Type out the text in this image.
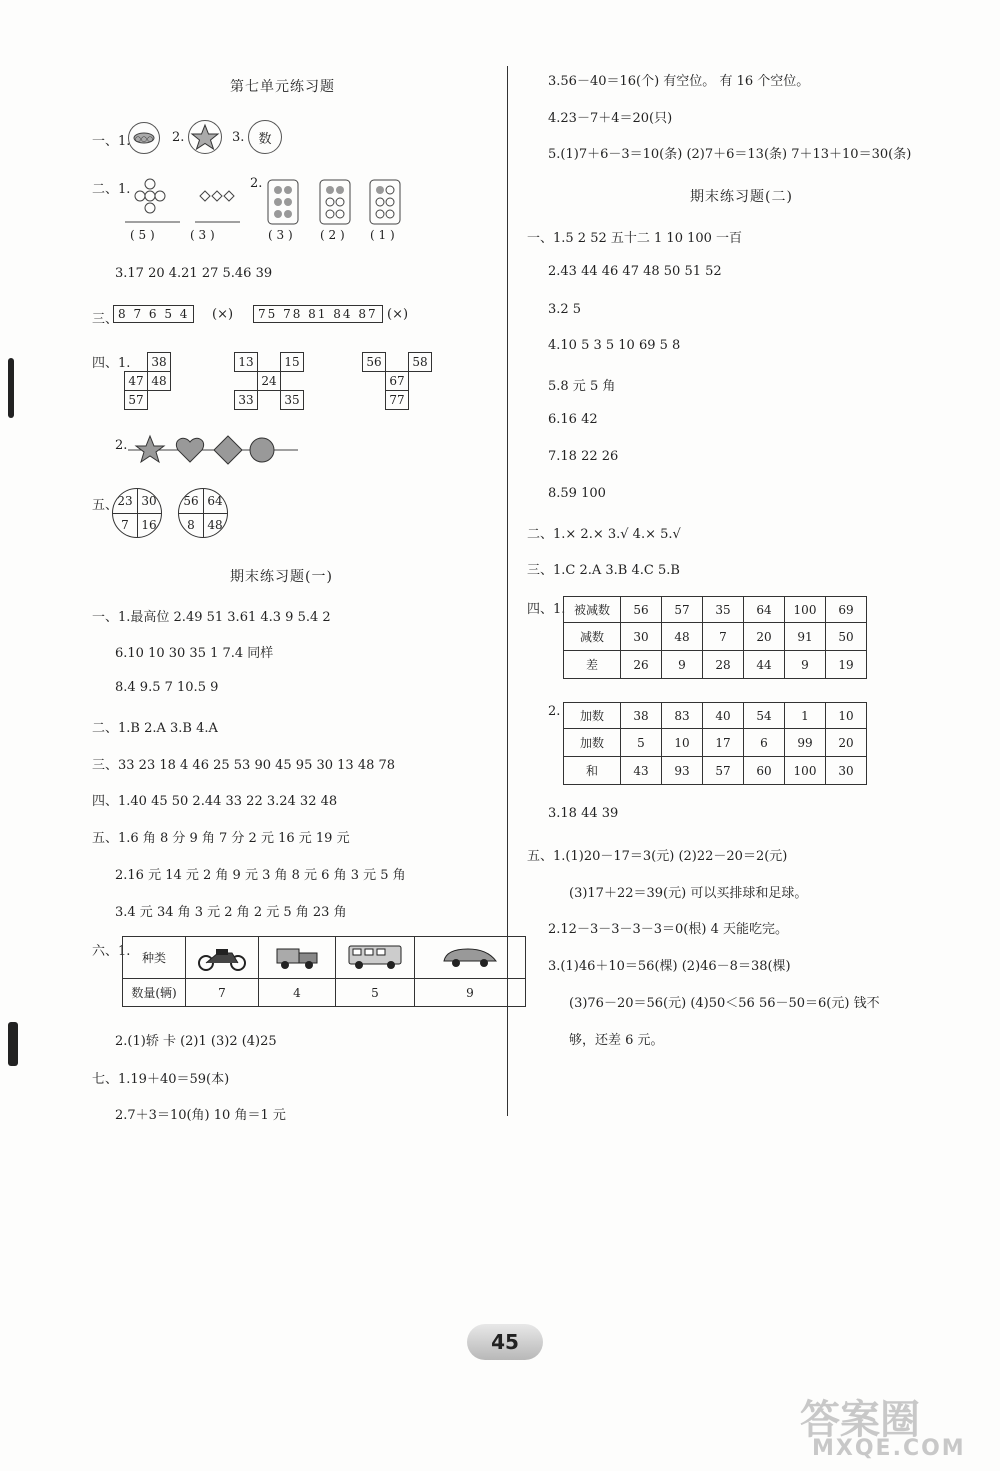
第七单元练习题
一、1. ○○○ 2.	3.	数
二、1.
( 5 )	( 3 )
2.
( 3 ) ( 2 ) ( 1 )
3.17 20 4.21 27 5.46 39
三、 8 7 6 5 4	(×)	75 78 81 84 87 (×)
四、1.
	38
47	48
57	
13		15
	24	
33		35
56		58
	67	
	77	
2.
五、 23 30
7	16
56 64
8	48
期末练习题(一)
一、1.最高位 2.49 51 3.61 4.3 9 5.4 2
6.10 10 30 35 1 7.4 同样
8.4 9.5 7 10.5 9
二、1.B 2.A 3.B 4.A
三、33 23 18 4 46 25 53 90 45 95 30 13 48 78
四、1.40 45 50 2.44 33 22 3.24 32 48
五、1.6 角 8 分 9 角 7 分 2 元 16 元 19 元
2.16 元 14 元 2 角 9 元 3 角 8 元 6 角 3 元 5 角
3.4 元 34 角 3 元 2 角 2 元 5 角 23 角
六、1. 种类				
数量(辆)	7	4	5	9
2.(1)轿 卡 (2)1 (3)2 (4)25
七、1.19＋40＝59(本)
2.7＋3＝10(角) 10 角＝1 元
3.56－40＝16(个) 有空位。 有 16 个空位。
4.23－7＋4＝20(只)
5.(1)7＋6－3＝10(条) (2)7＋6＝13(条) 7＋13＋10＝30(条)
期末练习题(二)
一、1.5 2 52 五十二 1 10 100 一百
2.43 44 46 47 48 50 51 52
3.2 5
4.10 5 3 5 10 69 5 8
5.8 元 5 角
6.16 42
7.18 22 26
8.59 100
二、1.× 2.× 3.√ 4.× 5.√
三、1.C 2.A 3.B 4.C 5.B
四、1. 被减数	56	57	35	64	100	69
减数	30	48	7	20	91	50
差	26	9	28	44	9	19
2. 加数	38	83	40	54	1	10
加数	5	10	17	6	99	20
和	43	93	57	60	100	30
3.18 44 39
五、1.(1)20－17＝3(元) (2)22－20＝2(元)
(3)17＋22＝39(元) 可以买排球和足球。
2.12－3－3－3－3＝0(根) 4 天能吃完。
3.(1)46＋10＝56(棵) (2)46－8＝38(棵)
(3)76－20＝56(元) (4)50＜56 56－50＝6(元) 钱不
够，还差 6 元。
45
答案圈
MXQE.COM
